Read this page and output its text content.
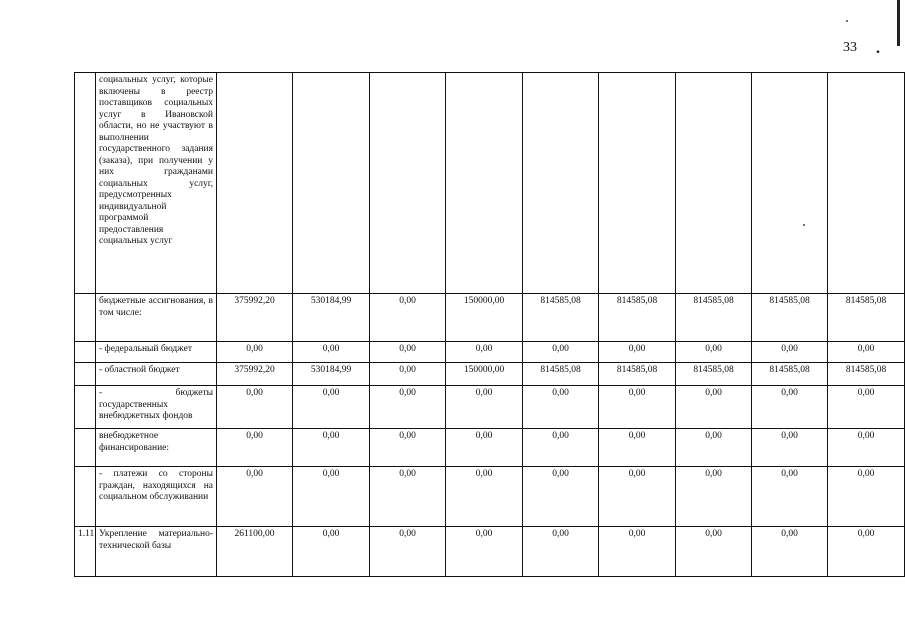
33 .
	социальных услуг, которые включены в реестр поставщиков социальных услуг в Ивановской области, но не участвуют в выполнении государственного задания (заказа), при получении у них гражданами социальных услуг, предусмотренных индивидуальной программой предоставления социальных услуг									
	бюджетные ассигнования, в том числе:	375992,20	530184,99	0,00	150000,00	814585,08	814585,08	814585,08	814585,08	814585,08
	- федеральный бюджет	0,00	0,00	0,00	0,00	0,00	0,00	0,00	0,00	0,00
	- областной бюджет	375992,20	530184,99	0,00	150000,00	814585,08	814585,08	814585,08	814585,08	814585,08
	- бюджеты государственных внебюджетных фондов	0,00	0,00	0,00	0,00	0,00	0,00	0,00	0,00	0,00
	внебюджетное финансирование:	0,00	0,00	0,00	0,00	0,00	0,00	0,00	0,00	0,00
	- платежи со стороны граждан, находящихся на социальном обслуживании	0,00	0,00	0,00	0,00	0,00	0,00	0,00	0,00	0,00
1.11	Укрепление материально-технической базы	261100,00	0,00	0,00	0,00	0,00	0,00	0,00	0,00	0,00
